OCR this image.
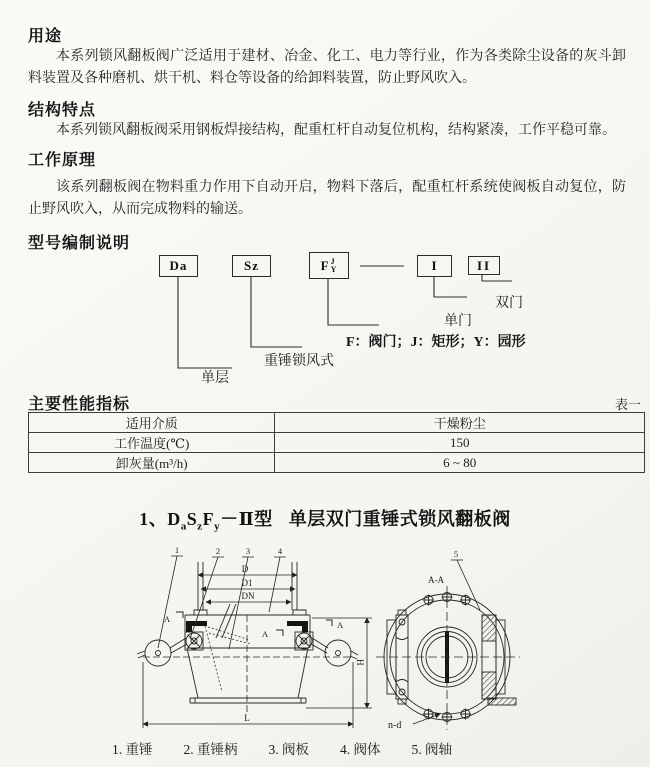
用途
本系列锁风翻板阀广泛适用于建材、冶金、化工、电力等行业，作为各类除尘设备的灰斗卸料装置及各种磨机、烘干机、料仓等设备的给卸料装置，防止野风吹入。
结构特点
本系列锁风翻板阀采用钢板焊接结构，配重杠杆自动复位机构，结构紧凑，工作平稳可靠。
工作原理
该系列翻板阀在物料重力作用下自动开启，物料下落后，配重杠杆系统使阀板自动复位，防止野风吹入，从而完成物料的输送。
型号编制说明
Da	Sz	F J
Y	I	II
单层
重锤锁风式
F：阀门；J：矩形；Y：园形
单门
双门
主要性能指标	表一
适用介质	干燥粉尘
工作温度(℃)	150
卸灰量(m³/h)	6 ~ 80
1、$D_aS_zF_y-Ⅱ$型 单层双门重锤式锁风翻板阀
D
D1
DN
L
H
1	2	3	4
A
A
A
5
A-A
n-d
1. 重锤 2. 重锤柄 3. 阀板 4. 阀体 5. 阀轴
